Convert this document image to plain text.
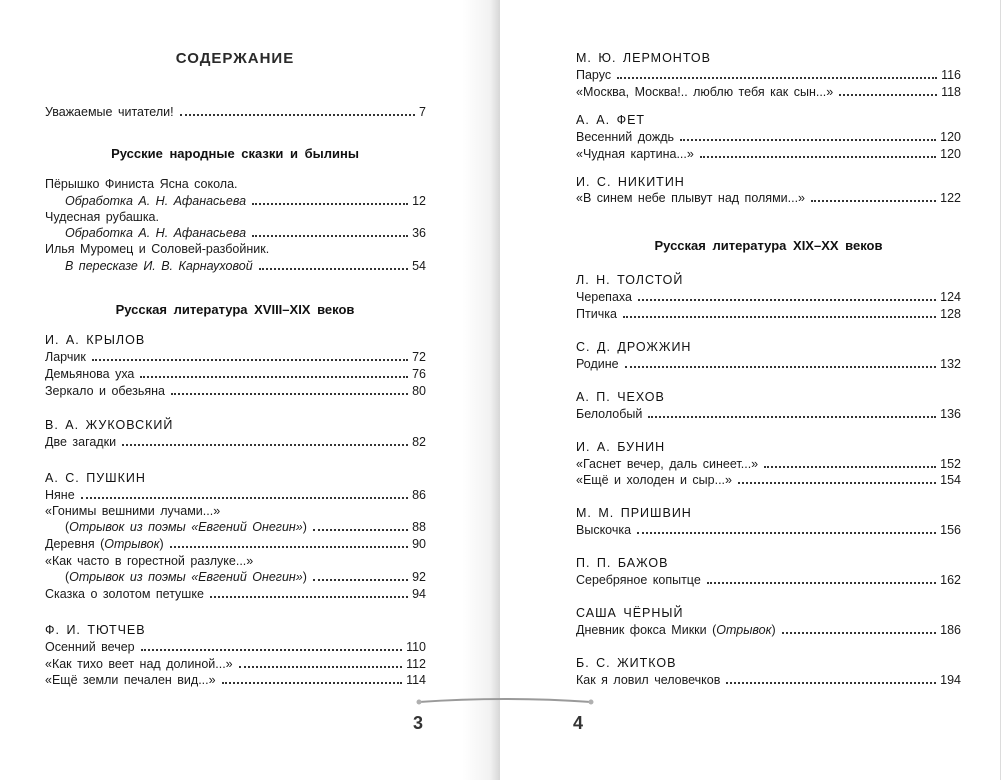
СОДЕРЖАНИЕ
Уважаемые читатели!	7
Русские народные сказки и былины
Пёрышко Финиста Ясна сокола.
Обработка А. Н. Афанасьева	12
Чудесная рубашка.
Обработка А. Н. Афанасьева	36
Илья Муромец и Соловей-разбойник.
В пересказе И. В. Карнауховой	54
Русская литература XVIII–XIX веков
И. А. КРЫЛОВ
Ларчик	72
Демьянова уха	76
Зеркало и обезьяна	80
В. А. ЖУКОВСКИЙ
Две загадки	82
А. С. ПУШКИН
Няне	86
«Гонимы вешними лучами...»
(Отрывок из поэмы «Евгений Онегин»)	88
Деревня (Отрывок)	90
«Как часто в горестной разлуке...»
(Отрывок из поэмы «Евгений Онегин»)	92
Сказка о золотом петушке	94
Ф. И. ТЮТЧЕВ
Осенний вечер	110
«Как тихо веет над долиной...»	112
«Ещё земли печален вид...»	114
3
М. Ю. ЛЕРМОНТОВ
Парус	116
«Москва, Москва!.. люблю тебя как сын...»	118
А. А. ФЕТ
Весенний дождь	120
«Чудная картина...»	120
И. С. НИКИТИН
«В синем небе плывут над полями...»	122
Русская литература XIX–XX веков
Л. Н. ТОЛСТОЙ
Черепаха	124
Птичка	128
С. Д. ДРОЖЖИН
Родине	132
А. П. ЧЕХОВ
Белолобый	136
И. А. БУНИН
«Гаснет вечер, даль синеет...»	152
«Ещё и холоден и сыр...»	154
М. М. ПРИШВИН
Выскочка	156
П. П. БАЖОВ
Серебряное копытце	162
САША ЧЁРНЫЙ
Дневник фокса Микки (Отрывок)	186
Б. С. ЖИТКОВ
Как я ловил человечков	194
4
